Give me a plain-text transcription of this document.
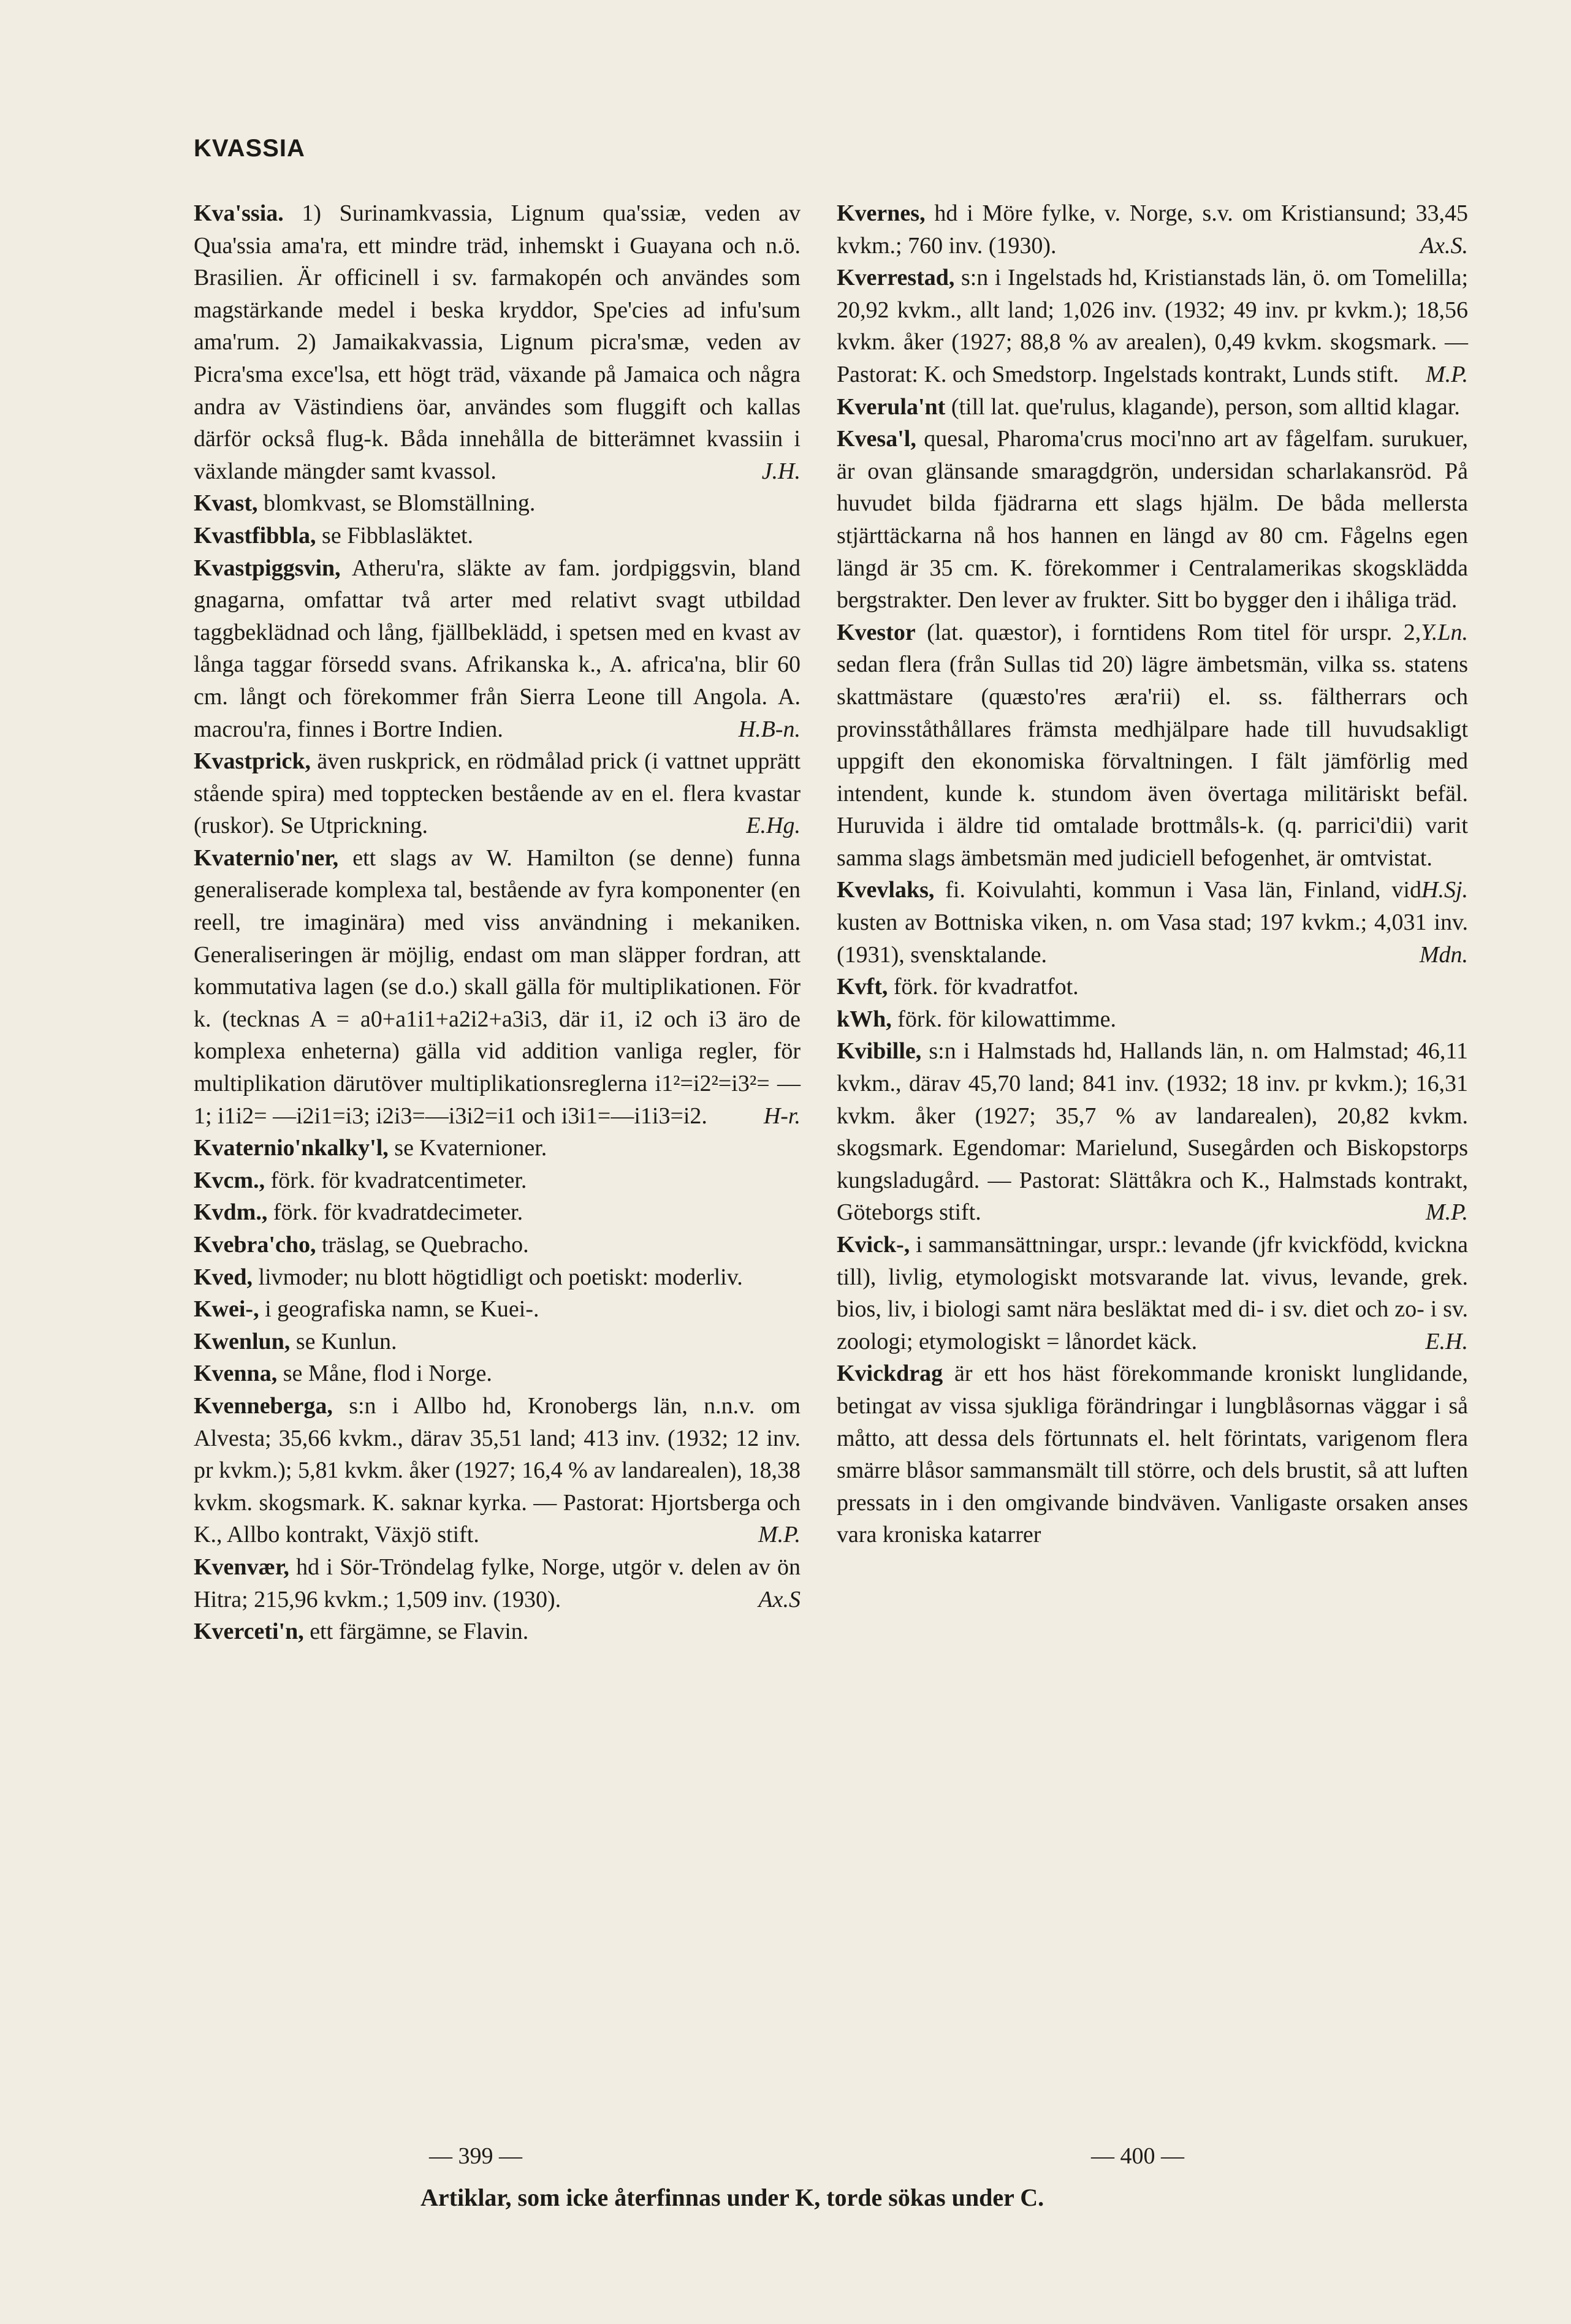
KVASSIA

Kva'ssia. 1) Surinamkvassia, Lignum qua'ssiæ, veden av Qua'ssia ama'ra, ett mindre träd, inhemskt i Guayana och n.ö. Brasilien. Är officinell i sv. farmakopén och användes som magstärkande medel i beska kryddor, Spe'cies ad infu'sum ama'rum. 2) Jamaikakvassia, Lignum picra'smæ, veden av Picra'sma exce'lsa, ett högt träd, växande på Jamaica och några andra av Västindiens öar, användes som fluggift och kallas därför också flug-k. Båda innehålla de bitterämnet kvassiin i växlande mängder samt kvassol.	J.H.

Kvast, blomkvast, se Blomställning.

Kvastfibbla, se Fibblasläktet.

Kvastpiggsvin, Atheru'ra, släkte av fam. jordpiggsvin, bland gnagarna, omfattar två arter med relativt svagt utbildad taggbeklädnad och lång, fjällbeklädd, i spetsen med en kvast av långa taggar försedd svans. Afrikanska k., A. africa'na, blir 60 cm. långt och förekommer från Sierra Leone till Angola. A. macrou'ra, finnes i Bortre Indien.	H.B-n.

Kvastprick, även ruskprick, en rödmålad prick (i vattnet upprätt stående spira) med topptecken bestående av en el. flera kvastar (ruskor). Se Utprickning.	E.Hg.

Kvaternio'ner, ett slags av W. Hamilton (se denne) funna generaliserade komplexa tal, bestående av fyra komponenter (en reell, tre imaginära) med viss användning i mekaniken. Generaliseringen är möjlig, endast om man släpper fordran, att kommutativa lagen (se d.o.) skall gälla för multiplikationen. För k. (tecknas A = a0+a1i1+a2i2+a3i3, där i1, i2 och i3 äro de komplexa enheterna) gälla vid addition vanliga regler, för multiplikation därutöver multiplikationsreglerna i1²=i2²=i3²= —1; i1i2= —i2i1=i3; i2i3=—i3i2=i1 och i3i1=—i1i3=i2. H-r.

Kvaternio'nkalky'l, se Kvaternioner.

Kvcm., förk. för kvadratcentimeter.

Kvdm., förk. för kvadratdecimeter.

Kvebra'cho, träslag, se Quebracho.

Kved, livmoder; nu blott högtidligt och poetiskt: moderliv.

Kwei-, i geografiska namn, se Kuei-.

Kwenlun, se Kunlun.

Kvenna, se Måne, flod i Norge.

Kvenneberga, s:n i Allbo hd, Kronobergs län, n.n.v. om Alvesta; 35,66 kvkm., därav 35,51 land; 413 inv. (1932; 12 inv. pr kvkm.); 5,81 kvkm. åker (1927; 16,4 % av landarealen), 18,38 kvkm. skogsmark. K. saknar kyrka. — Pastorat: Hjortsberga och K., Allbo kontrakt, Växjö stift.	M.P.

Kvenvær, hd i Sör-Tröndelag fylke, Norge, utgör v. delen av ön Hitra; 215,96 kvkm.; 1,509 inv. (1930).	Ax.S

Kverceti'n, ett färgämne, se Flavin.

Kvernes, hd i Möre fylke, v. Norge, s.v. om Kristiansund; 33,45 kvkm.; 760 inv. (1930).	Ax.S.

Kverrestad, s:n i Ingelstads hd, Kristianstads län, ö. om Tomelilla; 20,92 kvkm., allt land; 1,026 inv. (1932; 49 inv. pr kvkm.); 18,56 kvkm. åker (1927; 88,8 % av arealen), 0,49 kvkm. skogsmark. — Pastorat: K. och Smedstorp. Ingelstads kontrakt, Lunds stift. M.P.

Kverula'nt (till lat. que'rulus, klagande), person, som alltid klagar.

Kvesa'l, quesal, Pharoma'crus moci'nno art av fågelfam. surukuer, är ovan glänsande smaragdgrön, undersidan scharlakansröd. På huvudet bilda fjädrarna ett slags hjälm. De båda mellersta stjärttäckarna nå hos hannen en längd av 80 cm. Fågelns egen längd är 35 cm. K. förekommer i Centralamerikas skogsklädda bergstrakter. Den lever av frukter. Sitt bo bygger den i ihåliga träd.
Y.Ln.

Kvestor (lat. quæstor), i forntidens Rom titel för urspr. 2, sedan flera (från Sullas tid 20) lägre ämbetsmän, vilka ss. statens skattmästare (quæsto'res æra'rii) el. ss. fältherrars och provinsståthållares främsta medhjälpare hade till huvudsakligt uppgift den ekonomiska förvaltningen. I fält jämförlig med intendent, kunde k. stundom även övertaga militäriskt befäl. Huruvida i äldre tid omtalade brottmåls-k. (q. parrici'dii) varit samma slags ämbetsmän med judiciell befogenhet, är omtvistat.
H.Sj.

Kvevlaks, fi. Koivulahti, kommun i Vasa län, Finland, vid kusten av Bottniska viken, n. om Vasa stad; 197 kvkm.; 4,031 inv. (1931), svensktalande.	Mdn.

Kvft, förk. för kvadratfot.

kWh, förk. för kilowattimme.

Kvibille, s:n i Halmstads hd, Hallands län, n. om Halmstad; 46,11 kvkm., därav 45,70 land; 841 inv. (1932; 18 inv. pr kvkm.); 16,31 kvkm. åker (1927; 35,7 % av landarealen), 20,82 kvkm. skogsmark. Egendomar: Marielund, Susegården och Biskopstorps kungsladugård. — Pastorat: Slättåkra och K., Halmstads kontrakt, Göteborgs stift.	M.P.

Kvick-, i sammansättningar, urspr.: levande (jfr kvickfödd, kvickna till), livlig, etymologiskt motsvarande lat. vivus, levande, grek. bios, liv, i biologi samt nära besläktat med di- i sv. diet och zo- i sv. zoologi; etymologiskt = lånordet käck.	E.H.

Kvickdrag är ett hos häst förekommande kroniskt lunglidande, betingat av vissa sjukliga förändringar i lungblåsornas väggar i så måtto, att dessa dels förtunnats el. helt förintats, varigenom flera smärre blåsor sammansmält till större, och dels brustit, så att luften pressats in i den omgivande bindväven. Vanligaste orsaken anses vara kroniska katarrer

— 399 —	— 400 —
Artiklar, som icke återfinnas under K, torde sökas under C.
